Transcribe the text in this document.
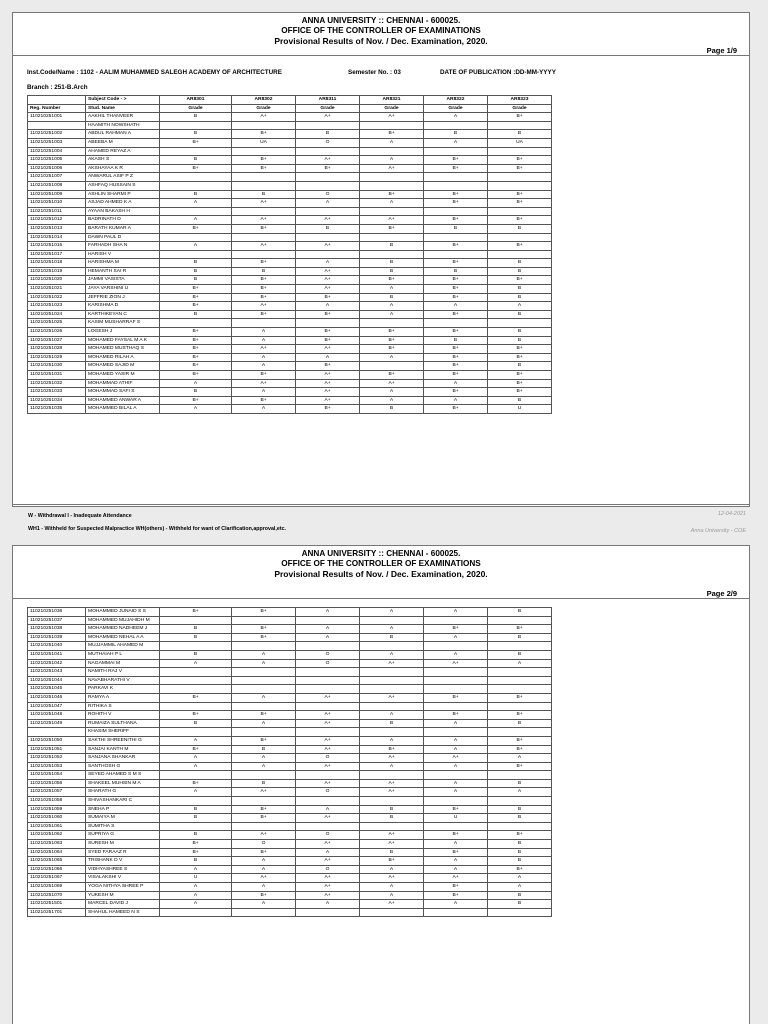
ANNA UNIVERSITY :: CHENNAI - 600025.
OFFICE OF THE CONTROLLER OF EXAMINATIONS
Provisional Results of Nov. / Dec. Examination, 2020.
Page 1/9
Inst.Code/Name : 1102 - AALIM MUHAMMED SALEGH ACADEMY OF ARCHITECTURE	Semester No. : 03	DATE OF PUBLICATION :DD-MM-YYYY
Branch : 251-B.Arch
	Subject Code - >	AR8301	AR8302	AR8311	AR8321	AR8322	AR8323
Reg. Number	Stud. Name	Grade	Grade	Grade	Grade	Grade	Grade
110210251001	AAKHIL THANVEER	B	A+	A+	A+	A	B+
	HAAMITH NOWSHATH						
110210251002	ABDUL RAHMAN A	B	B+	B	B+	B	B
110210251003	ABEEBA M	B+	UA	O	A	A	UA
110210251004	AHAMED REYAZ A						
110210251005	AKASH S	B	B+	A+	A	B+	B+
110210251006	AKSHAYAA K R	B+	B+	B+	A+	B+	B+
110210251007	ANWARUL ASIF P Z						
110210251008	ASHFAQ HUSSAIN S						
110210251009	ASHLIN SHARMI P	B	B	O	B+	B+	B+
110210251010	ASJAD AHMED K A	A	A+	A	A	B+	B+
110210251011	AYAAN BAKASH H						
110210251012	BADRINATH D	A	A+	A+	A+	B+	B+
110210251013	BARATH KUMAR A	B+	B+	B	B+	B	B
110210251014	DAWN PAUL D						
110210251015	FARHADH SHA N	A	A+	A+	B	B+	B+
110210251017	HARISH V						
110210251018	HARISHMA M	B	B+	A	B	B+	B
110210251019	HEMANTH SAI R	B	B	A+	B	B	B
110210251020	JAMMI VASISTA	B	B+	A+	B+	B+	B+
110210251021	JAYA VARSHINI U	B+	B+	A+	A	B+	B
110210251022	JEFFRIE ZION J	B+	B+	B+	B	B+	B
110210251023	KARISHMA D	B+	A+	A	A	A	A
110210251024	KARTHIKEYAN C	B	B+	B+	A	B+	B
110210251025	KASIM MUSHARRAF S						
110210251026	LOGESH J	B+	A	B+	B+	B+	B
110210251027	MOHAMED FAYSAL M A K	B+	A	B+	B+	B	B
110210251028	MOHAMED MUSTHAQ S	B+	A+	A+	B+	B+	B+
110210251029	MOHAMED RILAH A	B+	A	A	A	B+	B+
110210251030	MOHAMED SAJID M	B+	A	B+		B+	B
110210251031	MOHAMED YASIR M	B+	B+	A+	B+	B+	B+
110210251032	MOHAMMAD ATHIF	A	A+	A+	A+	A	B+
110210251033	MOHAMMAD SAFI S	B	A	A+	A	B+	B+
110210251034	MOHAMMED ANWAR A	B+	B+	A+	A	A	B
110210251035	MOHAMMED BILAL A	A	A	B+	B	B+	U
W - Withdrawal I - Inadequate Attendance	12-04-2021
WH1 - Withheld for Suspected Malpractice WH(others) - Withheld for want of Clarification,approval,etc.	Anna University - COE
ANNA UNIVERSITY :: CHENNAI - 600025.
OFFICE OF THE CONTROLLER OF EXAMINATIONS
Provisional Results of Nov. / Dec. Examination, 2020.
Page 2/9
110210251036	MOHAMMED JUNAID S S	B+	B+	A	A	A	B
110210251037	MOHAMMED MUJAHIDH M						
110210251038	MOHAMMED NADHEEM J	B	B+	A	A	B+	B+
110210251039	MOHAMMED NEHAL A A	B	B+	A	B	A	B
110210251040	MUJJAMMIL AHAMED M						
110210251041	MUTHAIAH P L	B	A	O	A	A	B
110210251042	NAGAMMAI M	A	A	O	A+	A+	A
110210251043	NAMITH RAJ V						
110210251044	NAVABHARATHI V						
110210251045	PARKAVI K						
110210251046	RAMYA A	B+	A	A+	A+	B+	B+
110210251047	RITHIKA S						
110210251048	ROHITH V	B+	B+	A+	A	B+	B+
110210251049	RUMAIZA SULTHANA	B	A	A+	B	A	B
	KHASIM SHERIFF						
110210251050	SAKTHI SHREENITHI G	A	B+	A+	A	A	B+
110210251051	SANJAI KANTH M	B+	B	A+	B+	A	B+
110210251052	SANJANA SHANKAR	A	A	O	A+	A+	A
110210251053	SANTHOSH G	A	A	A+	A	A	B+
110210251054	SEYED AHAMED S M S						
110210251056	SHAKEEL MUHSIN M A	B+	B	A+	A+	A	B
110210251057	SHARATH G	A	A+	O	A+	A	A
110210251058	SHIVASHANKARI C						
110210251059	SNEHA P	B	B+	A	B	B+	B
110210251060	SUMAIYA M	B	B+	A+	B	U	B
110210251061	SUMITHA S						
110210251062	SUPRIYA G	B	A+	O	A+	B+	B+
110210251063	SURESH M	B+	O	A+	A+	A	B
110210251064	SYED FARAAZ R	B+	B+	A	B	B+	B
110210251065	TRISHANK D V	B	A	A+	B+	A	B
110210251066	VIDHYASHREE S	A	A	O	A	A	B+
110210251067	VISALAKSHI V	U	A+	A+	A+	A+	A
110210251069	YOGA NITHYA SHREE P	A	A	A+	A	B+	A
110210251070	YUKESH M	A	B+	A+	A	B+	B
110210251501	MARCEL DAVID J	A	A	A	A+	A	B
110210251701	SHAHUL HAMEED N S						
